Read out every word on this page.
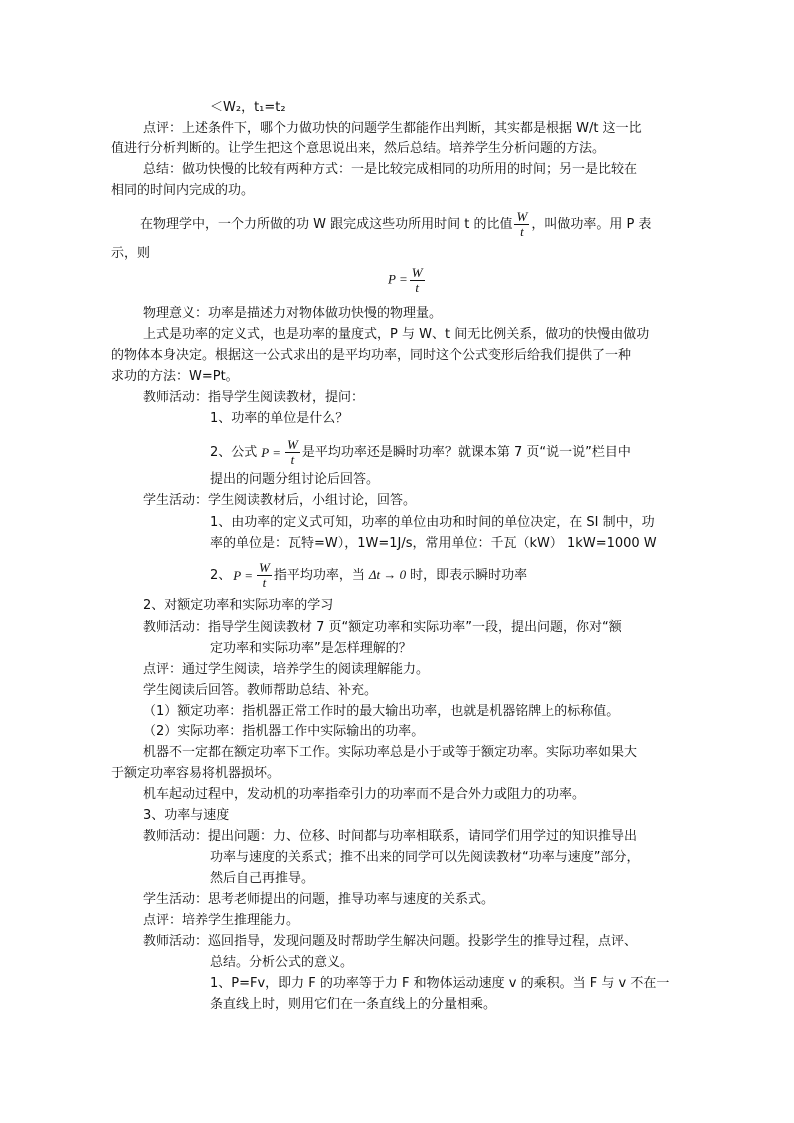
＜W₂，t₁=t₂
点评：上述条件下，哪个力做功快的问题学生都能作出判断，其实都是根据 W/t 这一比
值进行分析判断的。让学生把这个意思说出来，然后总结。培养学生分析问题的方法。
总结：做功快慢的比较有两种方式：一是比较完成相同的功所用的时间；另一是比较在
相同的时间内完成的功。
在物理学中，一个力所做的功 W 跟完成这些功所用时间 t 的比值 $\frac{W}{t}$ ，叫做功率。用 P 表
示，则
$P = \frac{W}{t}$
物理意义：功率是描述力对物体做功快慢的物理量。
上式是功率的定义式，也是功率的量度式，P 与 W、t 间无比例关系，做功的快慢由做功
的物体本身决定。根据这一公式求出的是平均功率，同时这个公式变形后给我们提供了一种
求功的方法：W=Pt。
教师活动：指导学生阅读教材，提问：
1、功率的单位是什么？
2、公式 $P = \frac{W}{t}$ 是平均功率还是瞬时功率？就课本第 7 页“说一说”栏目中
提出的问题分组讨论后回答。
学生活动：学生阅读教材后，小组讨论，回答。
1、由功率的定义式可知，功率的单位由功和时间的单位决定，在 SI 制中，功
率的单位是：瓦特=W），1W=1J/s，常用单位：千瓦（kW） 1kW=1000 W
2、 $P = \frac{W}{t}$ 指平均功率，当 Δt → 0 时，即表示瞬时功率
2、对额定功率和实际功率的学习
教师活动：指导学生阅读教材 7 页“额定功率和实际功率”一段，提出问题，你对“额
定功率和实际功率”是怎样理解的？
点评：通过学生阅读，培养学生的阅读理解能力。
学生阅读后回答。教师帮助总结、补充。
（1）额定功率：指机器正常工作时的最大输出功率，也就是机器铭牌上的标称值。
（2）实际功率：指机器工作中实际输出的功率。
机器不一定都在额定功率下工作。实际功率总是小于或等于额定功率。实际功率如果大
于额定功率容易将机器损坏。
机车起动过程中，发动机的功率指牵引力的功率而不是合外力或阻力的功率。
3、功率与速度
教师活动：提出问题：力、位移、时间都与功率相联系，请同学们用学过的知识推导出
功率与速度的关系式；推不出来的同学可以先阅读教材“功率与速度”部分，
然后自己再推导。
学生活动：思考老师提出的问题，推导功率与速度的关系式。
点评：培养学生推理能力。
教师活动：巡回指导，发现问题及时帮助学生解决问题。投影学生的推导过程，点评、
总结。分析公式的意义。
1、P=Fv，即力 F 的功率等于力 F 和物体运动速度 v 的乘积。当 F 与 v 不在一
条直线上时，则用它们在一条直线上的分量相乘。
